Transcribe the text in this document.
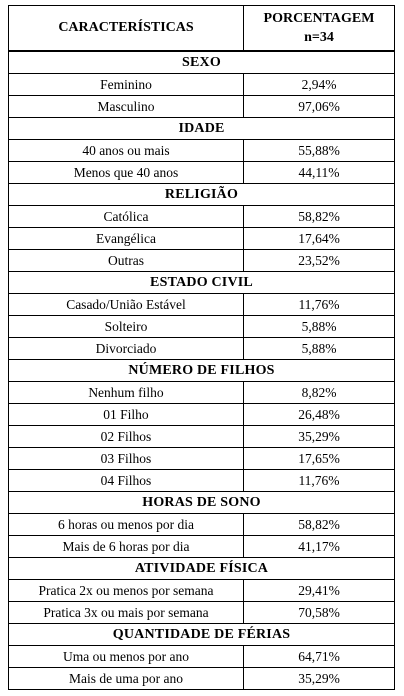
CARACTERÍSTICAS	PORCENTAGEM
n=34
SEXO	
Feminino	2,94%
Masculino	97,06%
IDADE	
40 anos ou mais	55,88%
Menos que 40 anos	44,11%
RELIGIÃO	
Católica	58,82%
Evangélica	17,64%
Outras	23,52%
ESTADO CIVIL	
Casado/União Estável	11,76%
Solteiro	5,88%
Divorciado	5,88%
NÚMERO DE FILHOS	
Nenhum filho	8,82%
01 Filho	26,48%
02 Filhos	35,29%
03 Filhos	17,65%
04 Filhos	11,76%
HORAS DE SONO	
6 horas ou menos por dia	58,82%
Mais de 6 horas por dia	41,17%
ATIVIDADE FÍSICA	
Pratica 2x ou menos por semana	29,41%
Pratica 3x ou mais por semana	70,58%
QUANTIDADE DE FÉRIAS	
Uma ou menos por ano	64,71%
Mais de uma por ano	35,29%
